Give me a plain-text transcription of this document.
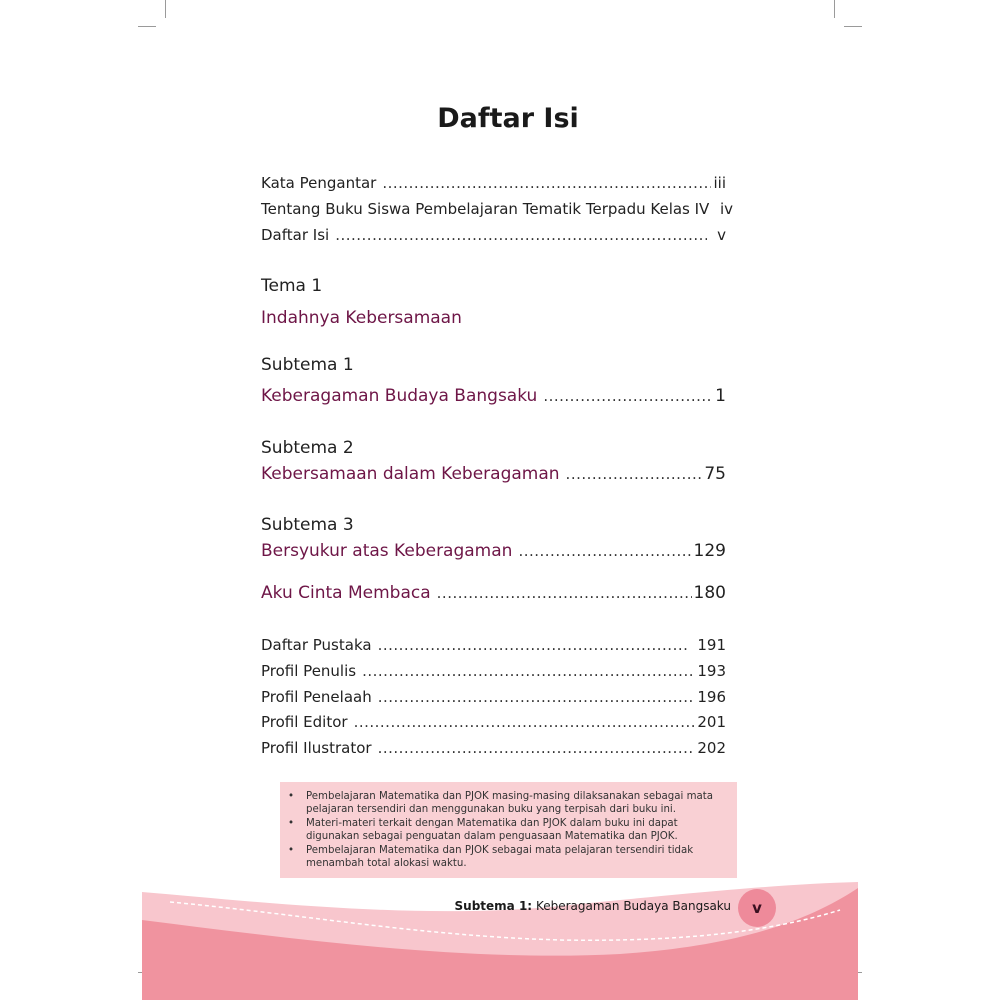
Daftar Isi
Kata Pengantar .....	iii
Tentang Buku Siswa Pembelajaran Tematik Terpadu Kelas IV iv
Daftar Isi .....	v
Tema 1
Indahnya Kebersamaan
Subtema 1
Keberagaman Budaya Bangsaku .....	1
Subtema 2
Kebersamaan dalam Keberagaman .....	75
Subtema 3
Bersyukur atas Keberagaman .....	129
Aku Cinta Membaca .....	180
Daftar Pustaka .....	191
Profil Penulis .....	193
Profil Penelaah .....	196
Profil Editor .....	201
Profil Ilustrator .....	202
• Pembelajaran Matematika dan PJOK masing-masing dilaksanakan sebagai mata pelajaran tersendiri dan menggunakan buku yang terpisah dari buku ini.
• Materi-materi terkait dengan Matematika dan PJOK dalam buku ini dapat digunakan sebagai penguatan dalam penguasaan Matematika dan PJOK.
• Pembelajaran Matematika dan PJOK sebagai mata pelajaran tersendiri tidak menambah total alokasi waktu.
Subtema 1: Keberagaman Budaya Bangsaku	v
